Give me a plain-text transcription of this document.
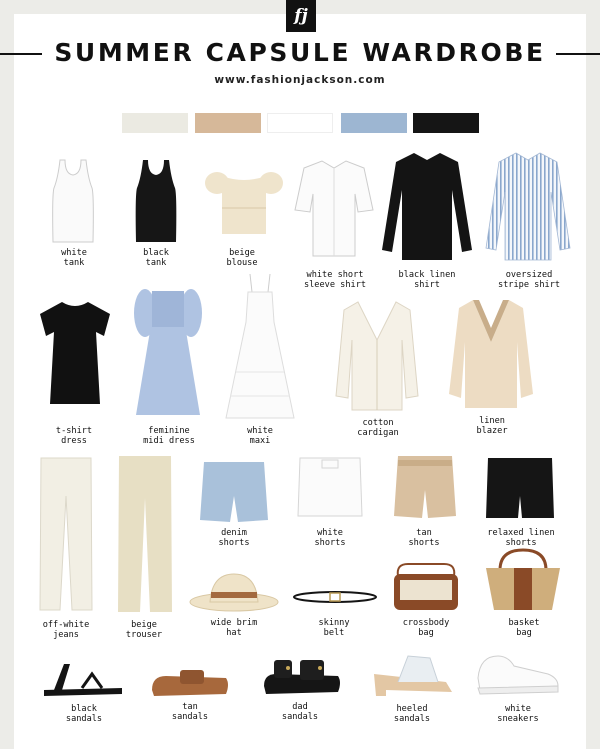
fj
SUMMER CAPSULE WARDROBE
www.fashionjackson.com
white
tank
black
tank
beige
blouse
white short
sleeve shirt
black linen
shirt
oversized
stripe shirt
t-shirt
dress
feminine
midi dress
white
maxi
cotton
cardigan
linen
blazer
off-white
jeans
beige
trouser
denim
shorts
white
shorts
tan
shorts
relaxed linen
shorts
wide brim
hat
skinny
belt
crossbody
bag
basket
bag
black
sandals
tan
sandals
dad
sandals
heeled
sandals
white
sneakers
